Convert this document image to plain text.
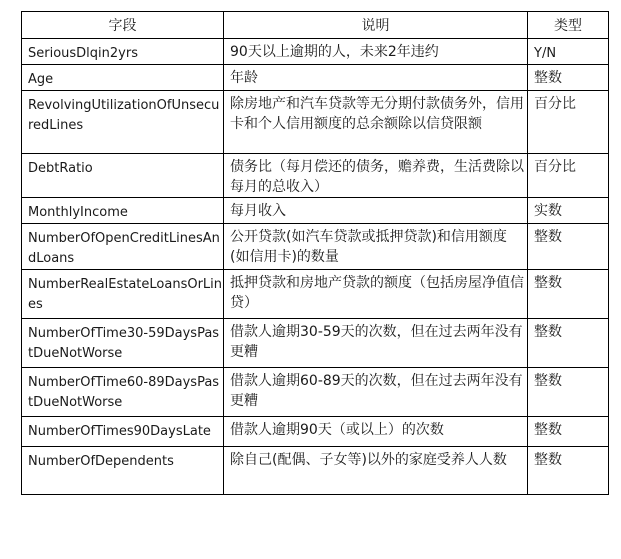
字段	说明	类型
SeriousDlqin2yrs	90天以上逾期的人，未来2年违约	Y/N
Age	年龄	整数
RevolvingUtilizationOfUnsecuredLines	除房地产和汽车贷款等无分期付款债务外，信用卡和个人信用额度的总余额除以信贷限额	百分比
DebtRatio	债务比（每月偿还的债务，赡养费，生活费除以每月的总收入）	百分比
MonthlyIncome	每月收入	实数
NumberOfOpenCreditLinesAndLoans	公开贷款(如汽车贷款或抵押贷款)和信用额度(如信用卡)的数量	整数
NumberRealEstateLoansOrLines	抵押贷款和房地产贷款的额度（包括房屋净值信贷）	整数
NumberOfTime30-59DaysPastDueNotWorse	借款人逾期30-59天的次数，但在过去两年没有更糟	整数
NumberOfTime60-89DaysPastDueNotWorse	借款人逾期60-89天的次数，但在过去两年没有更糟	整数
NumberOfTimes90DaysLate	借款人逾期90天（或以上）的次数	整数
NumberOfDependents	除自己(配偶、子女等)以外的家庭受养人人数	整数
